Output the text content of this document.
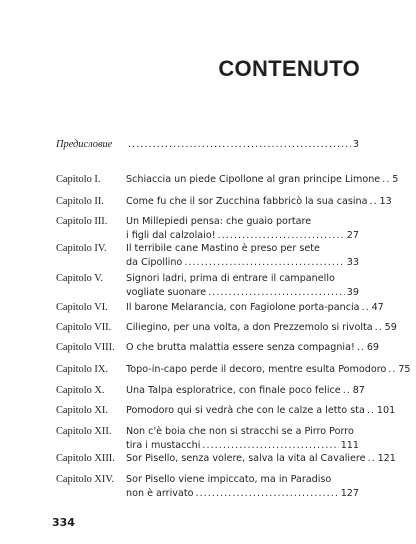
CONTENUTO
Предисловие . . .	3
Capitolo I.	Schiaccia un piede Cipollone al gran principe Limone . . . 5
Capitolo II.	Come fu che il sor Zucchina fabbricò la sua casina . . . 13
Capitolo III.	Un Millepiedi pensa: che guaio portare
i figli dal calzolaio! . . .	27
Capitolo IV.	Il terribile cane Mastino è preso per sete
da Cipollino . . .	33
Capitolo V.	Signori ladri, prima di entrare il campanello
vogliate suonare . . .	39
Capitolo VI.	Il barone Melarancia, con Fagiolone porta-pancia . . . 47
Capitolo VII.	Ciliegino, per una volta, a don Prezzemolo si rivolta . . . 59
Capitolo VIII.	O che brutta malattia essere senza compagnia! . . . 69
Capitolo IX.	Topo-in-capo perde il decoro, mentre esulta Pomodoro . . . 75
Capitolo X.	Una Talpa esploratrice, con finale poco felice . . . 87
Capitolo XI.	Pomodoro qui si vedrà che con le calze a letto sta . . . 101
Capitolo XII.	Non c'è boia che non si stracchi se a Pirro Porro
tira i mustacchi . . .	111
Capitolo XIII.	Sor Pisello, senza volere, salva la vita al Cavaliere . . . 121
Capitolo XIV.	Sor Pisello viene impiccato, ma in Paradiso
non è arrivato . . .	127
334
